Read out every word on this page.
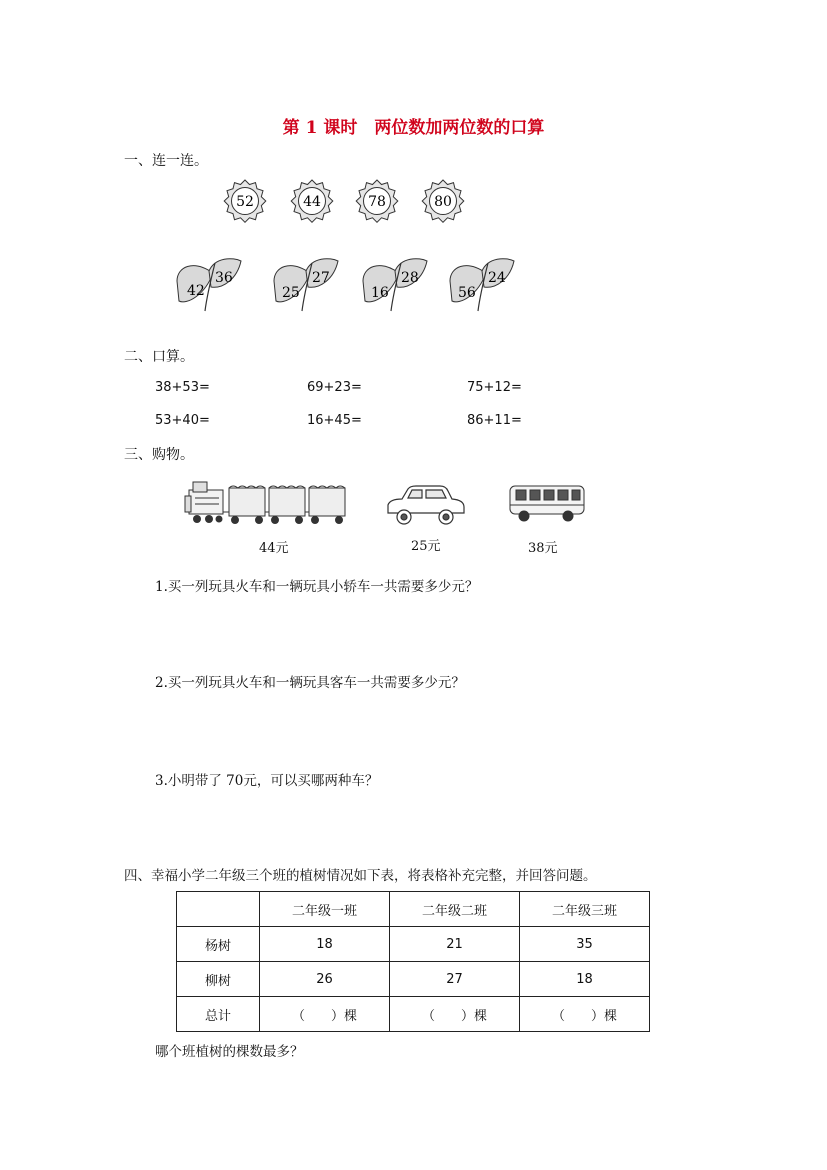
第 1 课时　两位数加两位数的口算
一、连一连。
52	44	78	80
42
36
25
27
16
28
56
24
二、口算。
38+53=	69+23=	75+12=
53+40=	16+45=	86+11=
三、购物。
44元	25元	38元
1.买一列玩具火车和一辆玩具小轿车一共需要多少元？
2.买一列玩具火车和一辆玩具客车一共需要多少元？
3.小明带了 70元，可以买哪两种车？
四、幸福小学二年级三个班的植树情况如下表，将表格补充完整，并回答问题。
	二年级一班	二年级二班	二年级三班
杨树	18	21	35
柳树	26	27	18
总计	（　　）棵	（　　）棵	（　　）棵
哪个班植树的棵数最多？
